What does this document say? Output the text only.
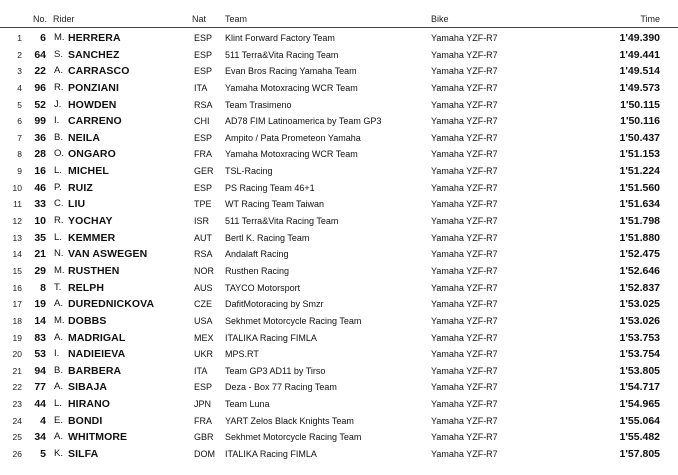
No. Rider	Nat Team	Bike	Time
1	6 M. HERRERA	ESP Klint Forward Factory Team	Yamaha YZF-R7	1'49.390
2	64 S. SANCHEZ	ESP 511 Terra&Vita Racing Team	Yamaha YZF-R7	1'49.441
3	22 A. CARRASCO	ESP Evan Bros Racing Yamaha Team	Yamaha YZF-R7	1'49.514
4	96 R. PONZIANI	ITA Yamaha Motoxracing WCR Team	Yamaha YZF-R7	1'49.573
5	52 J. HOWDEN	RSA Team Trasimeno	Yamaha YZF-R7	1'50.115
6	99 I. CARRENO	CHI AD78 FIM Latinoamerica by Team GP3	Yamaha YZF-R7	1'50.116
7	36 B. NEILA	ESP Ampito / Pata Prometeon Yamaha	Yamaha YZF-R7	1'50.437
8	28 O. ONGARO	FRA Yamaha Motoxracing WCR Team	Yamaha YZF-R7	1'51.153
9	16 L. MICHEL	GER TSL-Racing	Yamaha YZF-R7	1'51.224
10	46 P. RUIZ	ESP PS Racing Team 46+1	Yamaha YZF-R7	1'51.560
11	33 C. LIU	TPE WT Racing Team Taiwan	Yamaha YZF-R7	1'51.634
12	10 R. YOCHAY	ISR 511 Terra&Vita Racing Team	Yamaha YZF-R7	1'51.798
13	35 L. KEMMER	AUT Bertl K. Racing Team	Yamaha YZF-R7	1'51.880
14	21 N. VAN ASWEGEN	RSA Andalaft Racing	Yamaha YZF-R7	1'52.475
15	29 M. RUSTHEN	NOR Rusthen Racing	Yamaha YZF-R7	1'52.646
16	8 T. RELPH	AUS TAYCO Motorsport	Yamaha YZF-R7	1'52.837
17	19 A. DUREDNICKOVA	CZE DafitMotoracing by Smzr	Yamaha YZF-R7	1'53.025
18	14 M. DOBBS	USA Sekhmet Motorcycle Racing Team	Yamaha YZF-R7	1'53.026
19	83 A. MADRIGAL	MEX ITALIKA Racing FIMLA	Yamaha YZF-R7	1'53.753
20	53 I. NADIEIEVA	UKR MPS.RT	Yamaha YZF-R7	1'53.754
21	94 B. BARBERA	ITA Team GP3 AD11 by Tirso	Yamaha YZF-R7	1'53.805
22	77 A. SIBAJA	ESP Deza - Box 77 Racing Team	Yamaha YZF-R7	1'54.717
23	44 L. HIRANO	JPN Team Luna	Yamaha YZF-R7	1'54.965
24	4 E. BONDI	FRA YART Zelos Black Knights Team	Yamaha YZF-R7	1'55.064
25	34 A. WHITMORE	GBR Sekhmet Motorcycle Racing Team	Yamaha YZF-R7	1'55.482
26	5 K. SILFA	DOM ITALIKA Racing FIMLA	Yamaha YZF-R7	1'57.805
